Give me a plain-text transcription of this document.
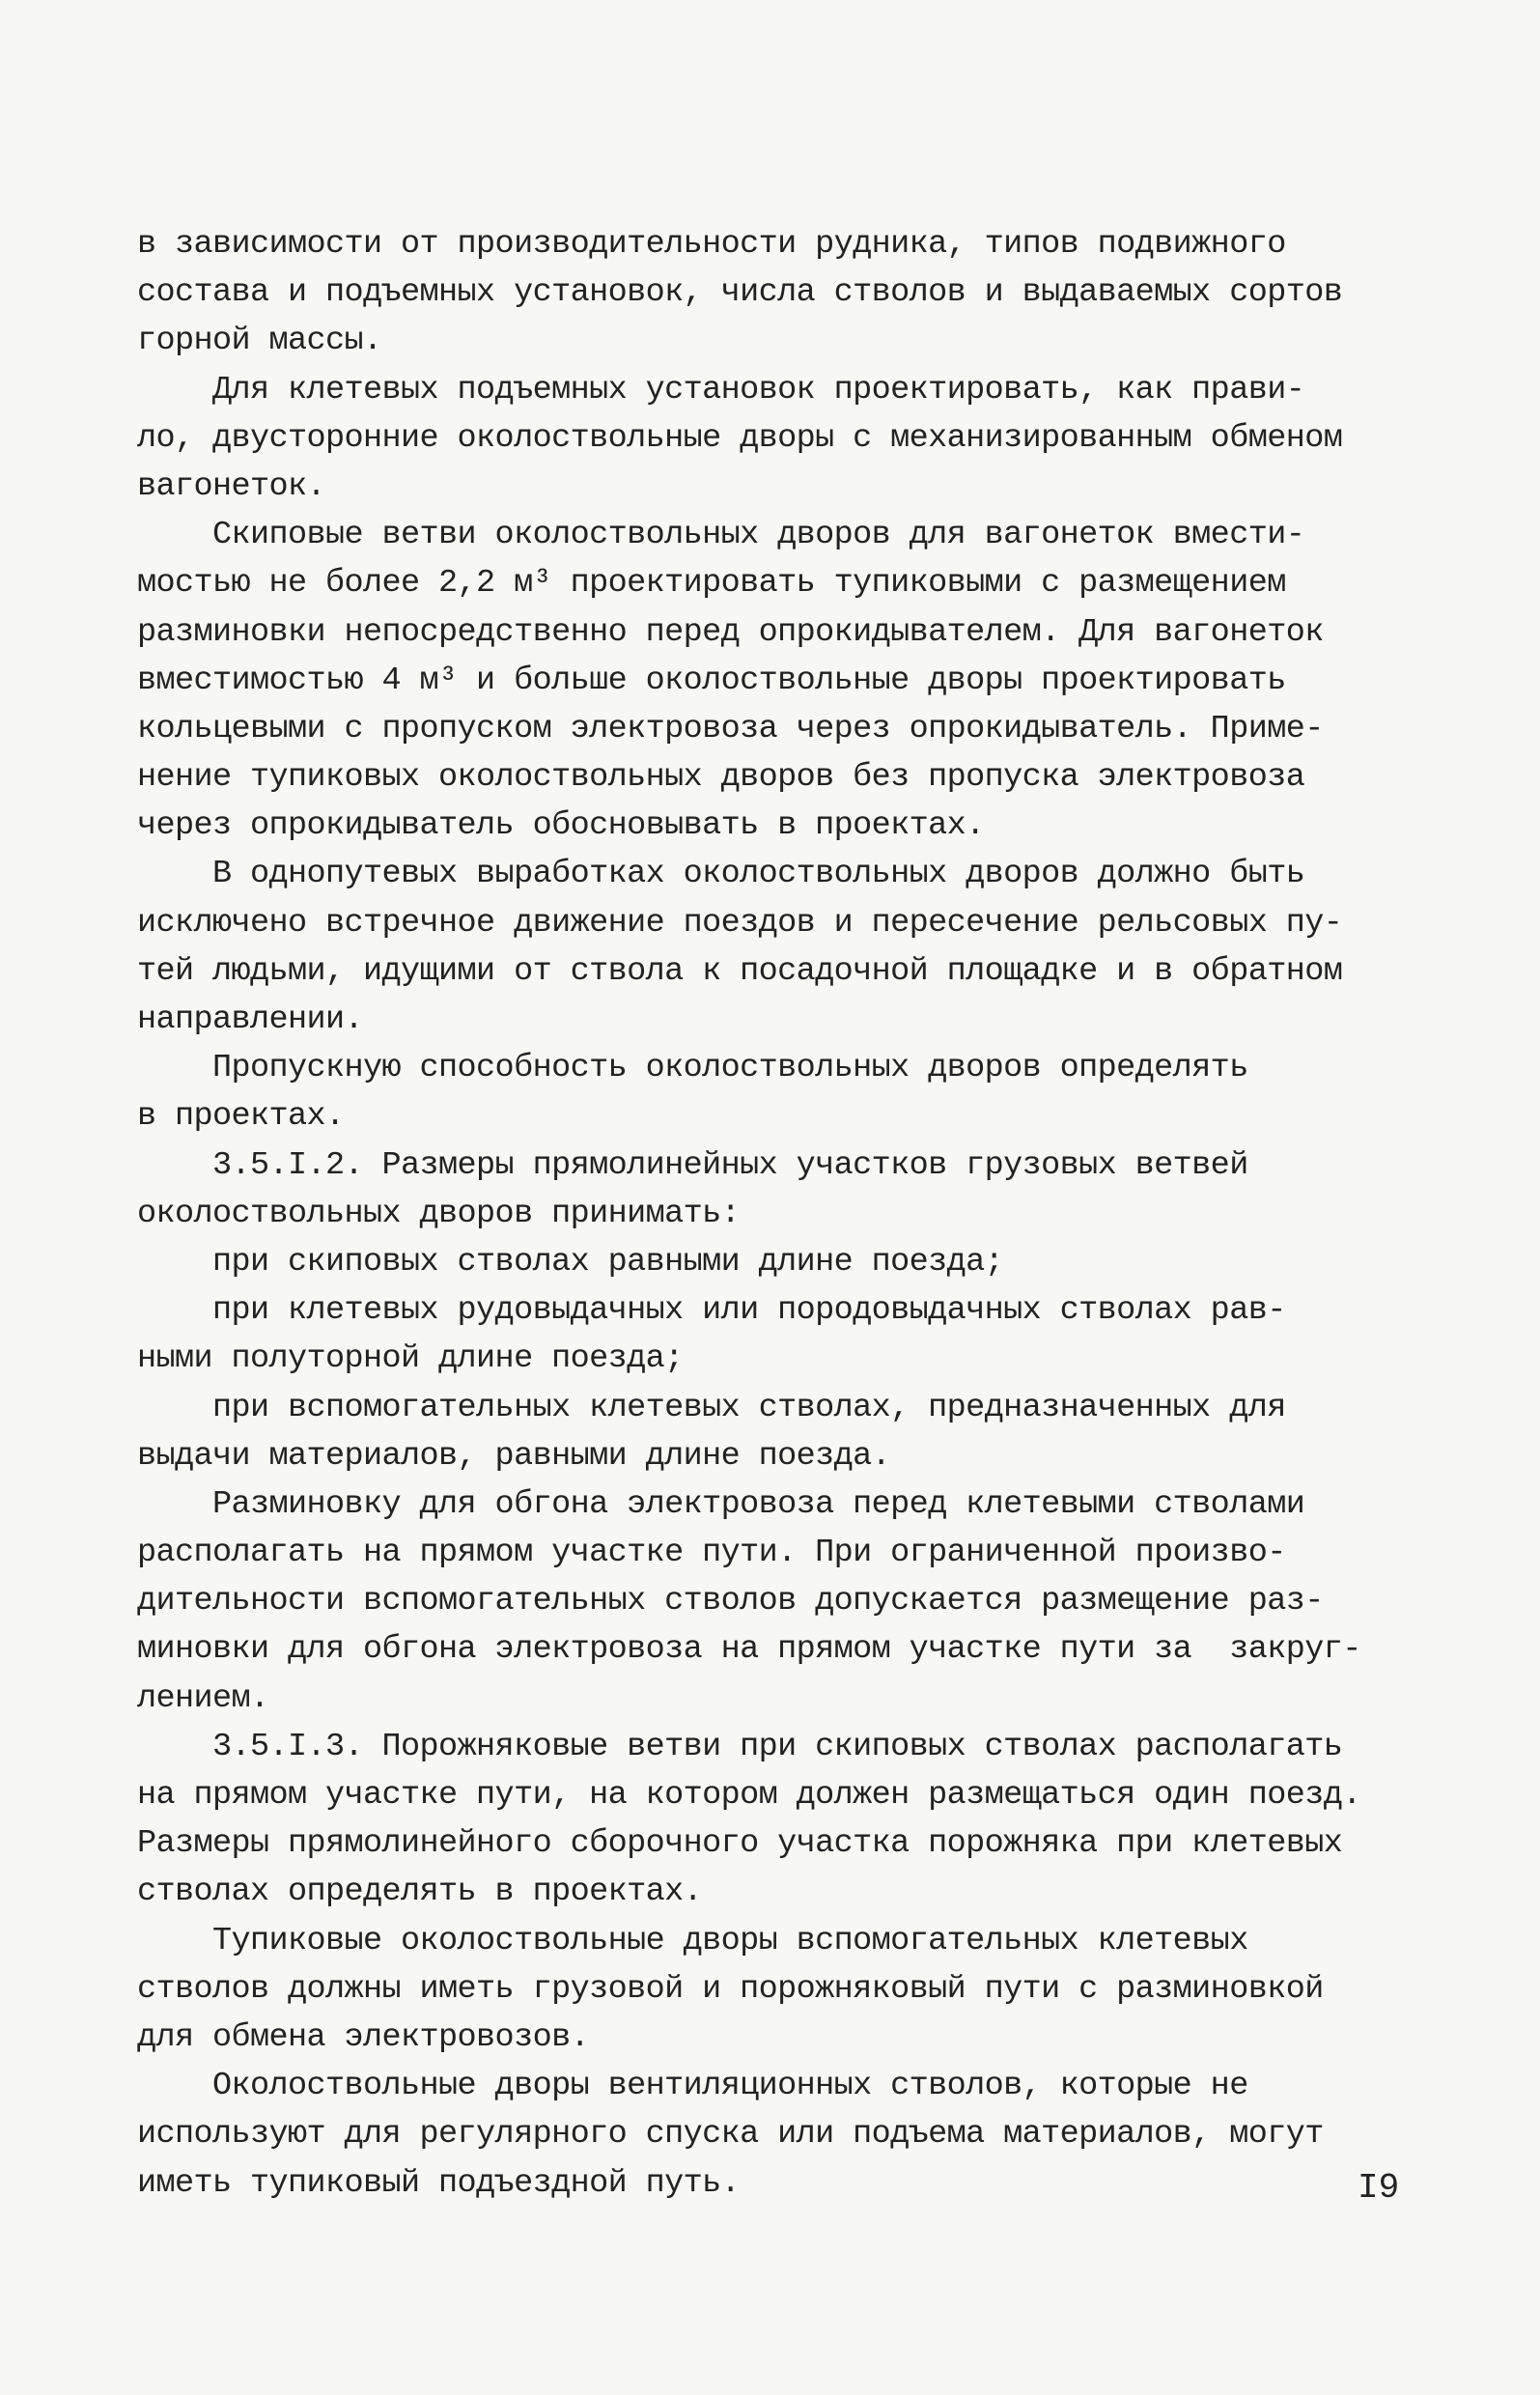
в зависимости от производительности рудника, типов подвижного
состава и подъемных установок, числа стволов и выдаваемых сортов
горной массы.
Для клетевых подъемных установок проектировать, как прави-
ло, двусторонние околоствольные дворы с механизированным обменом
вагонеток.
Скиповые ветви околоствольных дворов для вагонеток вмести-
мостью не более 2,2 м³ проектировать тупиковыми с размещением
разминовки непосредственно перед опрокидывателем. Для вагонеток
вместимостью 4 м³ и больше околоствольные дворы проектировать
кольцевыми с пропуском электровоза через опрокидыватель. Приме-
нение тупиковых околоствольных дворов без пропуска электровоза
через опрокидыватель обосновывать в проектах.
В однопутевых выработках околоствольных дворов должно быть
исключено встречное движение поездов и пересечение рельсовых пу-
тей людьми, идущими от ствола к посадочной площадке и в обратном
направлении.
Пропускную способность околоствольных дворов определять
в проектах.
3.5.I.2. Размеры прямолинейных участков грузовых ветвей
околоствольных дворов принимать:
при скиповых стволах равными длине поезда;
при клетевых рудовыдачных или породовыдачных стволах рав-
ными полуторной длине поезда;
при вспомогательных клетевых стволах, предназначенных для
выдачи материалов, равными длине поезда.
Разминовку для обгона электровоза перед клетевыми стволами
располагать на прямом участке пути. При ограниченной произво-
дительности вспомогательных стволов допускается размещение раз-
миновки для обгона электровоза на прямом участке пути за  закруг-
лением.
3.5.I.3. Порожняковые ветви при скиповых стволах располагать
на прямом участке пути, на котором должен размещаться один поезд.
Размеры прямолинейного сборочного участка порожняка при клетевых
стволах определять в проектах.
Тупиковые околоствольные дворы вспомогательных клетевых
стволов должны иметь грузовой и порожняковый пути с разминовкой
для обмена электровозов.
Околоствольные дворы вентиляционных стволов, которые не
используют для регулярного спуска или подъема материалов, могут
иметь тупиковый подъездной путь.	I9
